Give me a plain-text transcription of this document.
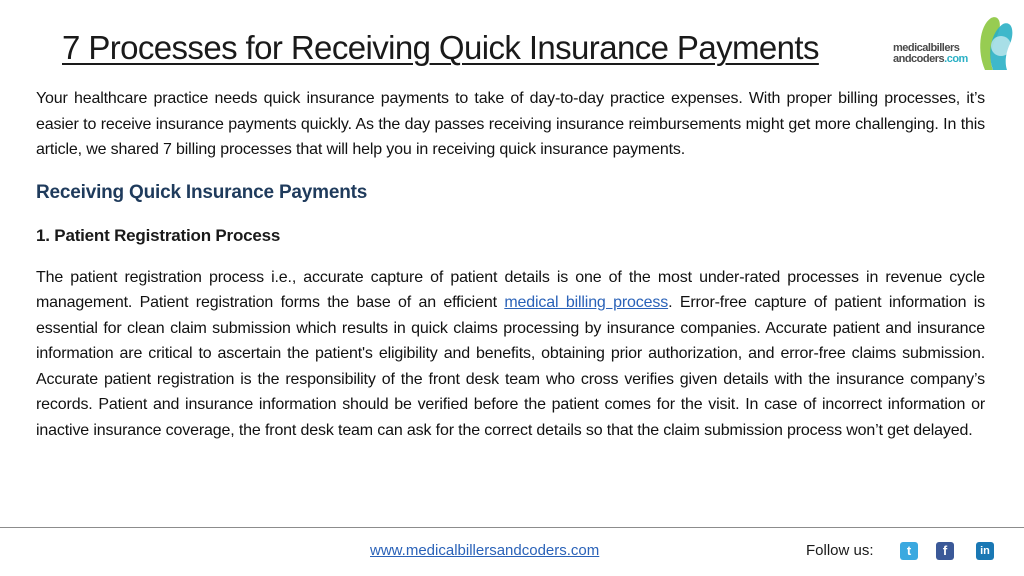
7 Processes for Receiving Quick Insurance Payments	medicalbillers
andcoders.com

Your healthcare practice needs quick insurance payments to take of day-to-day practice expenses. With proper billing processes, it’s easier to receive insurance payments quickly. As the day passes receiving insurance reimbursements might get more challenging. In this article, we shared 7 billing processes that will help you in receiving quick insurance payments.

Receiving Quick Insurance Payments
1. Patient Registration Process

The patient registration process i.e., accurate capture of patient details is one of the most under-rated processes in revenue cycle management. Patient registration forms the base of an efficient medical billing process. Error-free capture of patient information is essential for clean claim submission which results in quick claims processing by insurance companies. Accurate patient and insurance information are critical to ascertain the patient's eligibility and benefits, obtaining prior authorization, and error-free claims submission. Accurate patient registration is the responsibility of the front desk team who cross verifies given details with the insurance company’s records. Patient and insurance information should be verified before the patient comes for the visit. In case of incorrect information or inactive insurance coverage, the front desk team can ask for the correct details so that the claim submission process won’t get delayed.

www.medicalbillersandcoders.com	Follow us:	t	f	in
